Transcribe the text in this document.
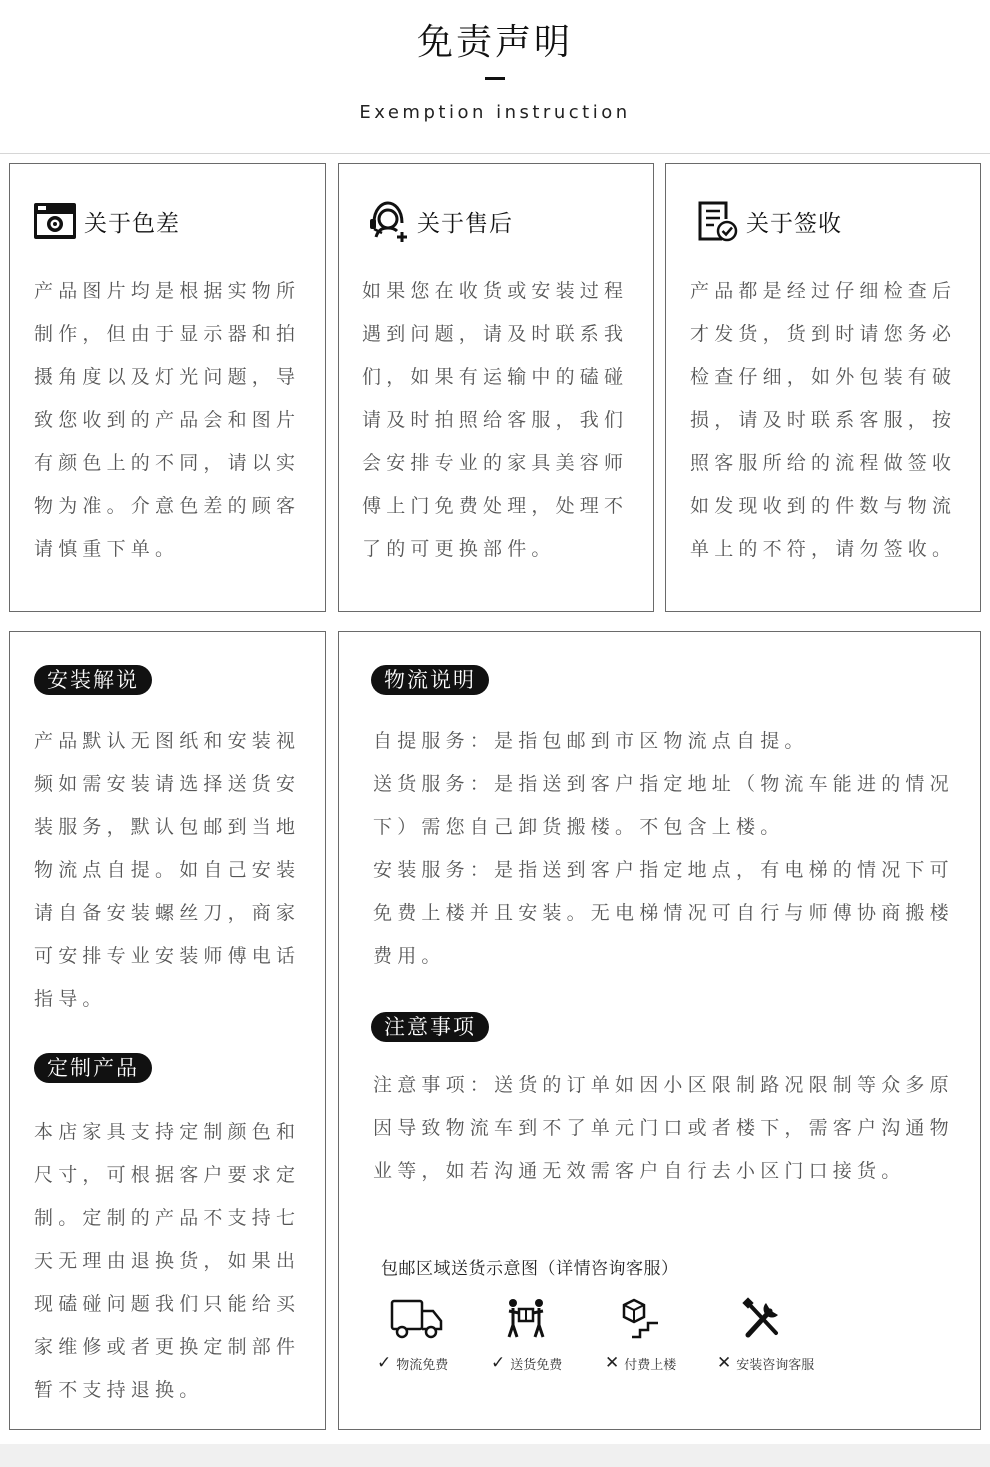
免责声明
Exemption instruction
关于色差
产品图片均是根据实物所制作，但由于显示器和拍摄角度以及灯光问题，导致您收到的产品会和图片有颜色上的不同，请以实物为准。介意色差的顾客请慎重下单。
关于售后
如果您在收货或安装过程遇到问题，请及时联系我们，如果有运输中的磕碰请及时拍照给客服，我们会安排专业的家具美容师傅上门免费处理，处理不了的可更换部件。
关于签收
产品都是经过仔细检查后才发货，货到时请您务必检查仔细，如外包装有破损，请及时联系客服，按照客服所给的流程做签收如发现收到的件数与物流单上的不符，请勿签收。
安装解说
产品默认无图纸和安装视频如需安装请选择送货安装服务，默认包邮到当地物流点自提。如自己安装请自备安装螺丝刀，商家可安排专业安装师傅电话指导。
定制产品
本店家具支持定制颜色和尺寸，可根据客户要求定制。定制的产品不支持七天无理由退换货，如果出现磕碰问题我们只能给买家维修或者更换定制部件暂不支持退换。
物流说明

自提服务：是指包邮到市区物流点自提。

送货服务：是指送到客户指定地址（物流车能进的情况下）需您自己卸货搬楼。不包含上楼。

安装服务：是指送到客户指定地点，有电梯的情况下可免费上楼并且安装。无电梯情况可自行与师傅协商搬楼费用。

注意事项

注意事项：送货的订单如因小区限制路况限制等众多原因导致物流车到不了单元门口或者楼下，需客户沟通物业等，如若沟通无效需客户自行去小区门口接货。

包邮区域送货示意图（详情咨询客服）
✓ 物流免费	✓ 送货免费	✕ 付费上楼 ✕ 安装咨询客服
